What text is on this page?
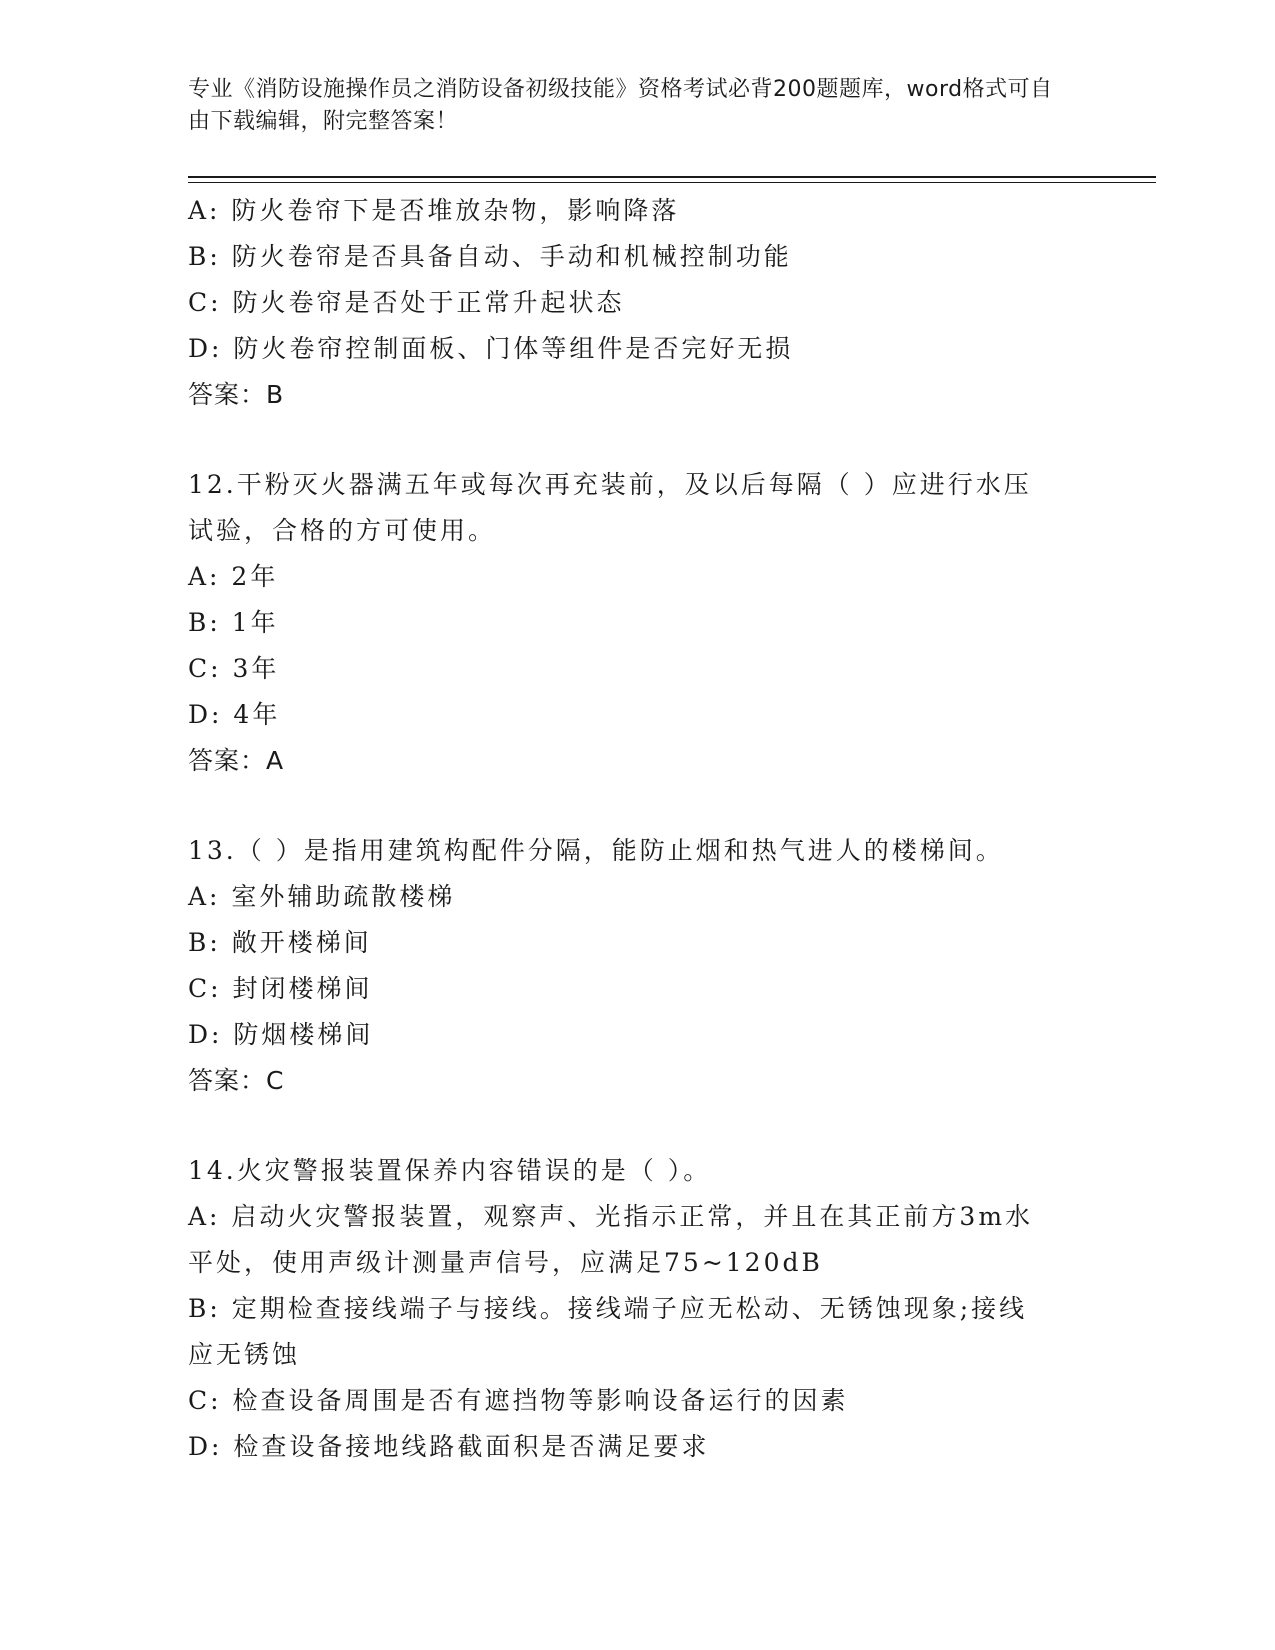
专业《消防设施操作员之消防设备初级技能》资格考试必背200题题库，word格式可自由下载编辑，附完整答案！
A: 防火卷帘下是否堆放杂物，影响降落
B: 防火卷帘是否具备自动、手动和机械控制功能
C: 防火卷帘是否处于正常升起状态
D: 防火卷帘控制面板、门体等组件是否完好无损
答案：B
12.干粉灭火器满五年或每次再充装前，及以后每隔（ ）应进行水压
试验，合格的方可使用。
A: 2年
B: 1年
C: 3年
D: 4年
答案：A
13.（ ）是指用建筑构配件分隔，能防止烟和热气进人的楼梯间。
A: 室外辅助疏散楼梯
B: 敞开楼梯间
C: 封闭楼梯间
D: 防烟楼梯间
答案：C
14.火灾警报装置保养内容错误的是（ ）。
A: 启动火灾警报装置，观察声、光指示正常，并且在其正前方3m水
平处，使用声级计测量声信号，应满足75~120dB
B: 定期检查接线端子与接线。接线端子应无松动、无锈蚀现象;接线
应无锈蚀
C: 检查设备周围是否有遮挡物等影响设备运行的因素
D: 检查设备接地线路截面积是否满足要求
